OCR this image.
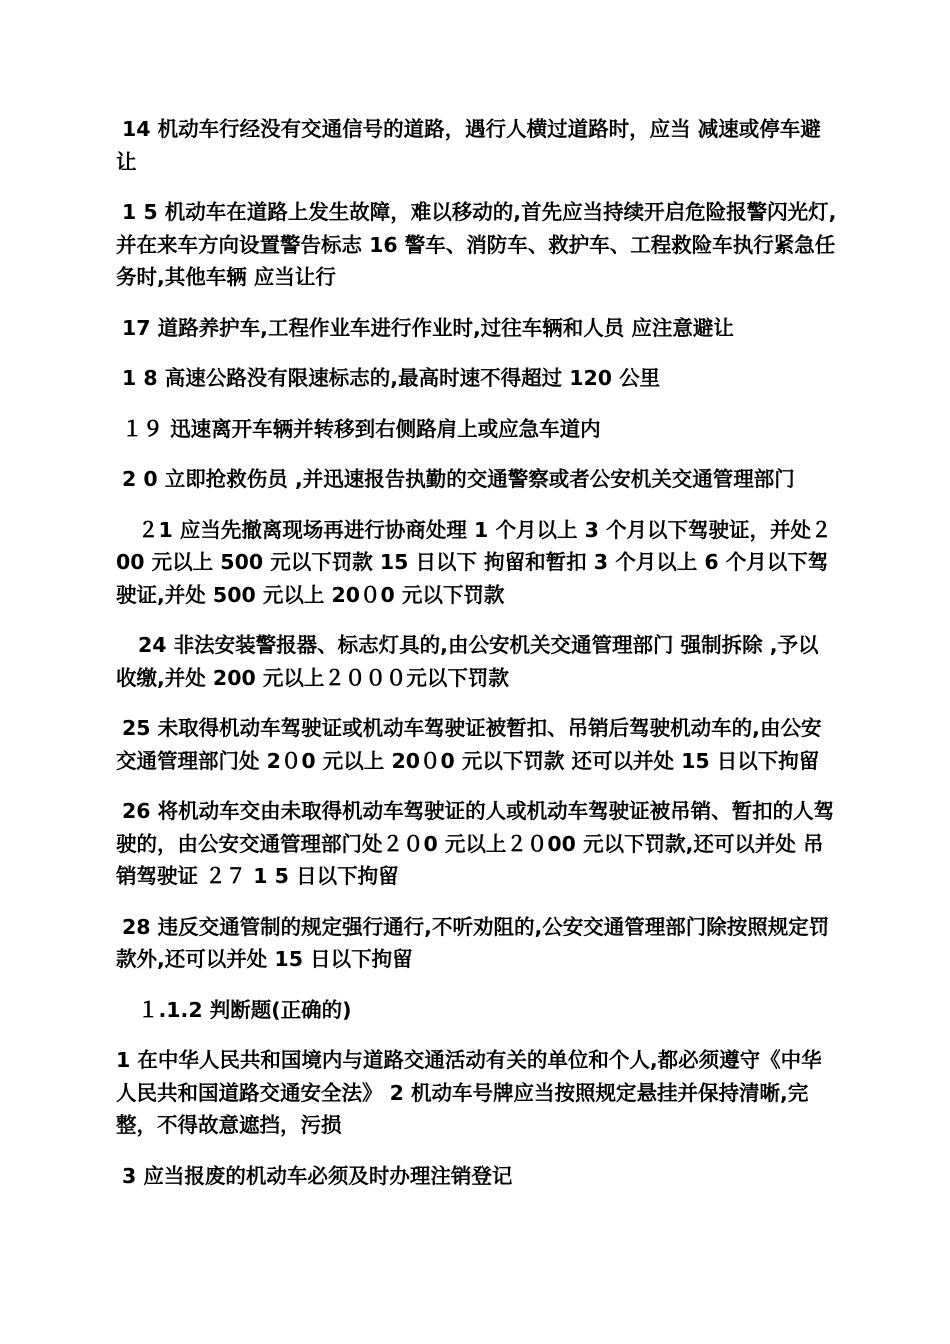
14 机动车行经没有交通信号的道路，遇行人横过道路时，应当 减速或停车避让

1 5 机动车在道路上发生故障，难以移动的,首先应当持续开启危险报警闪光灯,并在来车方向设置警告标志 16 警车、消防车、救护车、工程救险车执行紧急任务时,其他车辆 应当让行

17 道路养护车,工程作业车进行作业时,过往车辆和人员 应注意避让

1 8 高速公路没有限速标志的,最高时速不得超过 120 公里

１９ 迅速离开车辆并转移到右侧路肩上或应急车道内

2 0 立即抢救伤员 ,并迅速报告执勤的交通警察或者公安机关交通管理部门

２1 应当先撤离现场再进行协商处理 1 个月以上 3 个月以下驾驶证，并处２00 元以上 500 元以下罚款 15 日以下 拘留和暂扣 3 个月以上 6 个月以下驾驶证,并处 500 元以上 20０0 元以下罚款

24 非法安装警报器、标志灯具的,由公安机关交通管理部门 强制拆除 ,予以收缴,并处 200 元以上２０００元以下罚款

25 未取得机动车驾驶证或机动车驾驶证被暂扣、吊销后驾驶机动车的,由公安交通管理部门处 2０0 元以上 20０0 元以下罚款 还可以并处 15 日以下拘留

26 将机动车交由未取得机动车驾驶证的人或机动车驾驶证被吊销、暂扣的人驾驶的，由公安交通管理部门处２０0 元以上２０00 元以下罚款,还可以并处 吊销驾驶证 ２７ 1 5 日以下拘留

28 违反交通管制的规定强行通行,不听劝阻的,公安交通管理部门除按照规定罚款外,还可以并处 15 日以下拘留

１.1.2 判断题(正确的)

1 在中华人民共和国境内与道路交通活动有关的单位和个人,都必须遵守《中华人民共和国道路交通安全法》 2 机动车号牌应当按照规定悬挂并保持清晰,完整，不得故意遮挡，污损

3 应当报废的机动车必须及时办理注销登记
